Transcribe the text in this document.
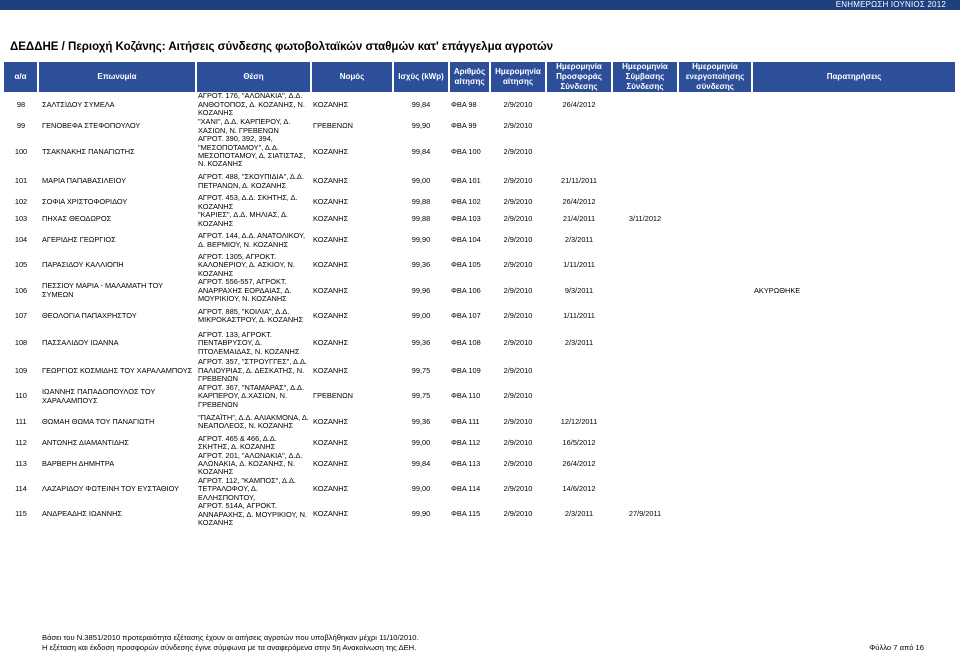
ΕΝΗΜΕΡΩΣΗ ΙΟΥΝΙΟΣ 2012
ΔΕΔΔΗΕ / Περιοχή Κοζάνης: Αιτήσεις σύνδεσης φωτοβολταϊκών σταθμών κατ' επάγγελμα αγροτών
α/α	Επωνυμία	Θέση	Νομός	Ισχύς (kWp)	Αριθμός αίτησης	Ημερομηνία αίτησης	Ημερομηνία Προσφοράς Σύνδεσης	Ημερομηνία Σύμβασης Σύνδεσης	Ημερομηνία ενεργοποίησης σύνδεσης	Παρατηρήσεις
98	ΣΑΛΤΣΙΔΟΥ ΣΥΜΕΛΑ	ΑΓΡΟΤ. 176, "ΑΛΩΝΑΚΙΑ", Δ.Δ. ΑΝΘΟΤΟΠΟΣ, Δ. ΚΟΖΑΝΗΣ, Ν. ΚΟΖΑΝΗΣ	ΚΟΖΑΝΗΣ	99,84	ΦΒΑ 98	2/9/2010	26/4/2012			
99	ΓΕΝΟΒΕΦΑ ΣΤΕΦΟΠΟΥΛΟΥ	"ΧΑΝΙ", Δ.Δ. ΚΑΡΠΕΡΟΥ, Δ. ΧΑΣΙΩΝ, Ν. ΓΡΕΒΕΝΩΝ	ΓΡΕΒΕΝΩΝ	99,90	ΦΒΑ 99	2/9/2010				
100	ΤΣΑΚΝΑΚΗΣ ΠΑΝΑΓΙΩΤΗΣ	ΑΓΡΟΤ. 390, 392, 394, "ΜΕΣΟΠΟΤΑΜΟΥ", Δ.Δ. ΜΕΣΟΠΟΤΑΜΟΥ, Δ. ΣΙΑΤΙΣΤΑΣ, Ν. ΚΟΖΑΝΗΣ	ΚΟΖΑΝΗΣ	99,84	ΦΒΑ 100	2/9/2010				
101	ΜΑΡΙΑ ΠΑΠΑΒΑΣΙΛΕΙΟΥ	ΑΓΡΟΤ. 488, "ΣΚΟΥΠΙΔΙΑ", Δ.Δ. ΠΕΤΡΑΝΩΝ, Δ. ΚΟΖΑΝΗΣ	ΚΟΖΑΝΗΣ	99,00	ΦΒΑ 101	2/9/2010	21/11/2011			
102	ΣΟΦΙΑ ΧΡΙΣΤΟΦΟΡΙΔΟΥ	ΑΓΡΟΤ. 453, Δ.Δ. ΣΚΗΤΗΣ, Δ. ΚΟΖΑΝΗΣ	ΚΟΖΑΝΗΣ	99,88	ΦΒΑ 102	2/9/2010	26/4/2012			
103	ΠΗΧΑΣ ΘΕΟΔΩΡΟΣ	"ΚΑΡΙΕΣ", Δ.Δ. ΜΗΛΙΑΣ, Δ. ΚΟΖΑΝΗΣ	ΚΟΖΑΝΗΣ	99,88	ΦΒΑ 103	2/9/2010	21/4/2011	3/11/2012		
104	ΑΓΕΡΙΔΗΣ ΓΕΩΡΓΙΟΣ	ΑΓΡΟΤ. 144, Δ.Δ. ΑΝΑΤΟΛΙΚΟΥ, Δ. ΒΕΡΜΙΟΥ, Ν. ΚΟΖΑΝΗΣ	ΚΟΖΑΝΗΣ	99,90	ΦΒΑ 104	2/9/2010	2/3/2011			
105	ΠΑΡΑΣΙΔΟΥ ΚΑΛΛΙΟΠΗ	ΑΓΡΟΤ. 1305, ΑΓΡΟΚΤ. ΚΑΛΟΝΕΡΙΟΥ, Δ. ΑΣΚΙΟΥ, Ν. ΚΟΖΑΝΗΣ	ΚΟΖΑΝΗΣ	99,36	ΦΒΑ 105	2/9/2010	1/11/2011			
106	ΠΕΣΣΙΟΥ ΜΑΡΙΑ - ΜΑΛΑΜΑΤΗ ΤΟΥ ΣΥΜΕΩΝ	ΑΓΡΟΤ. 556-557, ΑΓΡΟΚΤ. ΑΝΑΡΡΑΧΗΣ ΕΟΡΔΑΙΑΣ, Δ. ΜΟΥΡΙΚΙΟΥ, Ν. ΚΟΖΑΝΗΣ	ΚΟΖΑΝΗΣ	99,96	ΦΒΑ 106	2/9/2010	9/3/2011			ΑΚΥΡΩΘΗΚΕ
107	ΘΕΟΛΟΓΙΑ ΠΑΠΑΧΡΗΣΤΟΥ	ΑΓΡΟΤ. 885, "ΚΟΙΛΙΑ", Δ.Δ. ΜΙΚΡΟΚΑΣΤΡΟΥ, Δ. ΚΟΖΑΝΗΣ	ΚΟΖΑΝΗΣ	99,00	ΦΒΑ 107	2/9/2010	1/11/2011			
108	ΠΑΣΣΑΛΙΔΟΥ ΙΩΑΝΝΑ	ΑΓΡΟΤ. 133, ΑΓΡΟΚΤ. ΠΕΝΤΑΒΡΥΣΟΥ, Δ. ΠΤΟΛΕΜΑΙΔΑΣ, Ν. ΚΟΖΑΝΗΣ	ΚΟΖΑΝΗΣ	99,36	ΦΒΑ 108	2/9/2010	2/3/2011			
109	ΓΕΩΡΓΙΟΣ ΚΟΣΜΙΔΗΣ ΤΟΥ ΧΑΡΑΛΑΜΠΟΥΣ	ΑΓΡΟΤ. 357, "ΣΤΡΟΥΓΓΕΣ", Δ.Δ. ΠΑΛΙΟΥΡΙΑΣ, Δ. ΔΕΣΚΑΤΗΣ, Ν. ΓΡΕΒΕΝΩΝ	ΚΟΖΑΝΗΣ	99,75	ΦΒΑ 109	2/9/2010				
110	ΙΩΑΝΝΗΣ ΠΑΠΑΔΟΠΟΥΛΟΣ ΤΟΥ ΧΑΡΑΛΑΜΠΟΥΣ	ΑΓΡΟΤ. 367, "ΝΤΑΜΑΡΑΣ", Δ.Δ. ΚΑΡΠΕΡΟΥ, Δ.ΧΑΣΙΩΝ, Ν. ΓΡΕΒΕΝΩΝ	ΓΡΕΒΕΝΩΝ	99,75	ΦΒΑ 110	2/9/2010				
111	ΘΩΜΑΗ ΘΩΜΑ ΤΟΥ ΠΑΝΑΓΙΩΤΗ	"ΠΑΖΑΪΤΗ", Δ.Δ. ΑΛΙΑΚΜΟΝΑ, Δ. ΝΕΑΠΟΛΕΟΣ, Ν. ΚΟΖΑΝΗΣ	ΚΟΖΑΝΗΣ	99,36	ΦΒΑ 111	2/9/2010	12/12/2011			
112	ΑΝΤΩΝΗΣ ΔΙΑΜΑΝΤΙΔΗΣ	ΑΓΡΟΤ. 465 & 466, Δ.Δ. ΣΚΗΤΗΣ, Δ. ΚΟΖΑΝΗΣ	ΚΟΖΑΝΗΣ	99,00	ΦΒΑ 112	2/9/2010	16/5/2012			
113	ΒΑΡΒΕΡΗ ΔΗΜΗΤΡΑ	ΑΓΡΟΤ. 201, "ΑΛΩΝΑΚΙΑ", Δ.Δ. ΑΛΩΝΑΚΙΑ, Δ. ΚΟΖΑΝΗΣ, Ν. ΚΟΖΑΝΗΣ	ΚΟΖΑΝΗΣ	99,84	ΦΒΑ 113	2/9/2010	26/4/2012			
114	ΛΑΖΑΡΙΔΟΥ ΦΩΤΕΙΝΗ ΤΟΥ ΕΥΣΤΑΘΙΟΥ	ΑΓΡΟΤ. 112, "ΚΑΜΠΟΣ", Δ.Δ. ΤΕΤΡΑΛΟΦΟΥ, Δ. ΕΛΛΗΣΠΟΝΤΟΥ,	ΚΟΖΑΝΗΣ	99,00	ΦΒΑ 114	2/9/2010	14/6/2012			
115	ΑΝΔΡΕΑΔΗΣ ΙΩΑΝΝΗΣ	ΑΓΡΟΤ. 514Α, ΑΓΡΟΚΤ. ΑΝΝΑΡΑΧΗΣ, Δ. ΜΟΥΡΙΚΙΟΥ, Ν. ΚΟΖΑΝΗΣ	ΚΟΖΑΝΗΣ	99,90	ΦΒΑ 115	2/9/2010	2/3/2011	27/9/2011		
Βάσει του Ν.3851/2010 προτεραιότητα εξέτασης έχουν οι αιτήσεις αγροτών που υποβλήθηκαν μέχρι 11/10/2010.
Η εξέταση και έκδοση προσφορών σύνδεσης έγινε σύμφωνα με τα αναφερόμενα στην 5η Ανακοίνωση της ΔΕΗ.	Φύλλο 7 από 16
